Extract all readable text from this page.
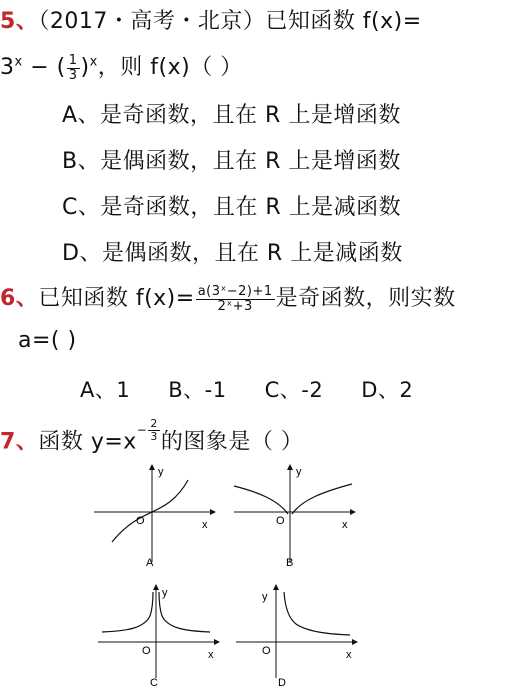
5、（2017・高考・北京）已知函数 f(x)=
$3^x$ − ( $\frac{1}{3} )^x$，则 f(x)（ ）
A、是奇函数，且在 R 上是增函数
B、是偶函数，且在 R 上是增函数
C、是奇函数，且在 R 上是减函数
D、是偶函数，且在 R 上是减函数
6、已知函数 $f(x)= \frac{\text{a(3ˣ−2)+1}}{\text{2ˣ+3}}$ 是奇函数，则实数
a=( )
A、1 B、-1 C、-2 D、2
7、函数 $y=x- \frac{2}{3}$ 的图象是（ ）
y
x
O
A
y
x
O
B
y
x
O
C
y
x
O
D
